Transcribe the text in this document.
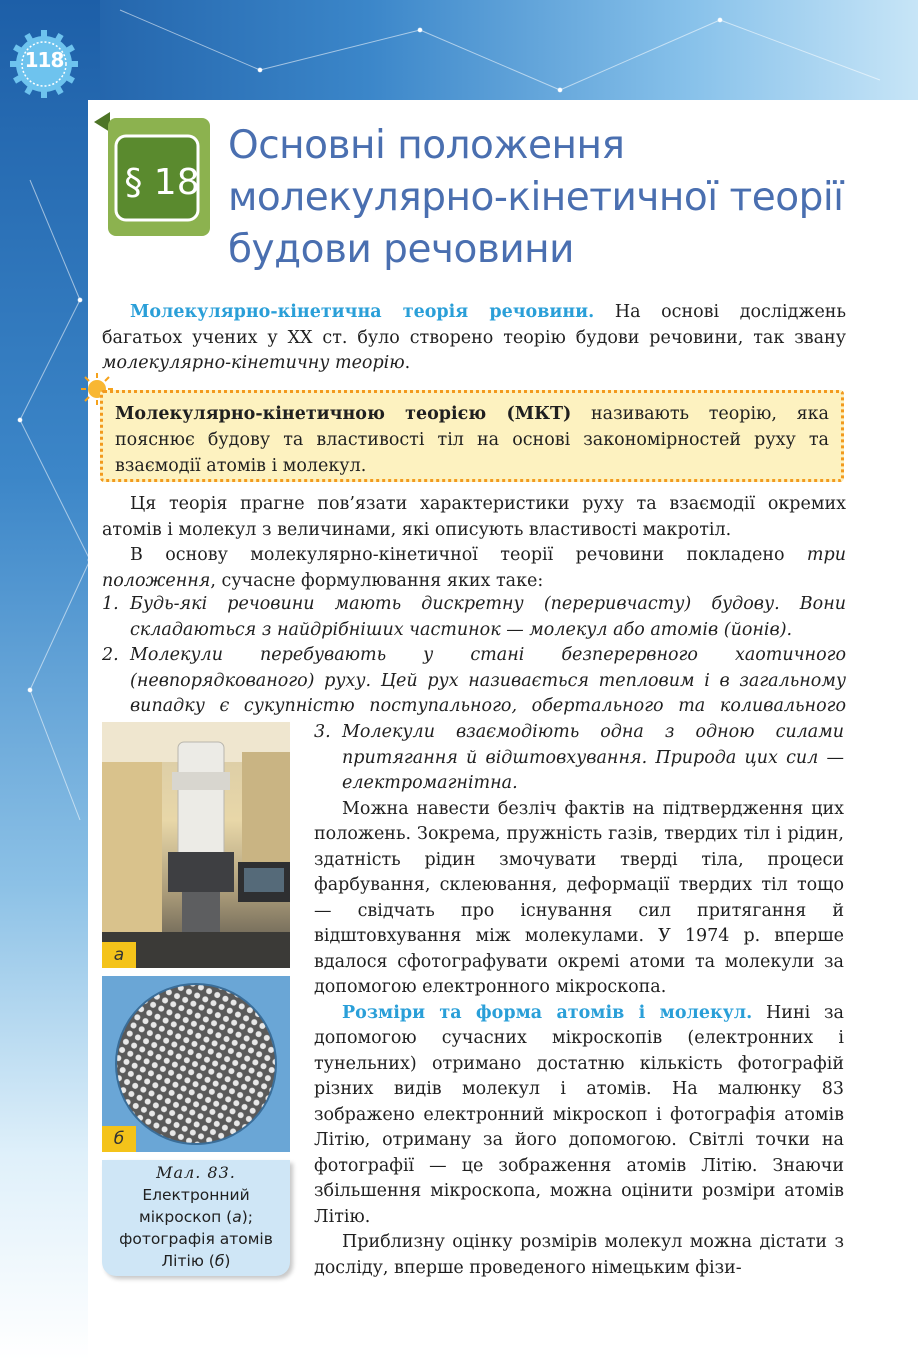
118
§ 18
Основні положення
молекулярно-кінетичної теорії
будови речовини

Молекулярно-кінетична теорія речовини. На основі досліджень багатьох учених у XX ст. було створено теорію будови речовини, так звану молекулярно-кінетичну теорію.

Молекулярно-кінетичною теорією (МКТ) називають теорію, яка пояснює будову та властивості тіл на основі закономірностей руху та взаємодії атомів і молекул.

Ця теорія прагне пов’язати характеристики руху та взаємодії окремих атомів і молекул з величинами, які описують властивості макротіл.

В основу молекулярно-кінетичної теорії речовини покладено три положення, сучасне формулювання яких таке:

1. Будь-які речовини мають дискретну (переривчасту) будову. Вони складаються з найдрібніших частинок — молекул або атомів (йонів).

2. Молекули перебувають у стані безперервного хаотичного (невпорядкованого) руху. Цей рух називається тепловим і в загальному випадку є сукупністю поступального, обертального та коливального

а
б
Мал. 83.
Електронний
мікроскоп (а);
фотографія атомів
Літію (б)

3. Молекули взаємодіють одна з одною силами притягання й відштовхування. Природа цих сил — електромагнітна.

Можна навести безліч фактів на підтвердження цих положень. Зокрема, пружність газів, твердих тіл і рідин, здатність рідин змочувати тверді тіла, процеси фарбування, склеювання, деформації твердих тіл тощо — свідчать про існування сил притягання й відштовхування між молекулами. У 1974 р. вперше вдалося сфотографувати окремі атоми та молекули за допомогою електронного мікроскопа.

Розміри та форма атомів і молекул. Нині за допомогою сучасних мікроскопів (електронних і тунельних) отримано достатню кількість фотографій різних видів молекул і атомів. На малюнку 83 зображено електронний мікроскоп і фотографія атомів Літію, отриману за його допомогою. Світлі точки на фотографії — це зображення атомів Літію. Знаючи збільшення мікроскопа, можна оцінити розміри атомів Літію.

Приблизну оцінку розмірів молекул можна дістати з досліду, вперше проведеного німецьким фізи-
